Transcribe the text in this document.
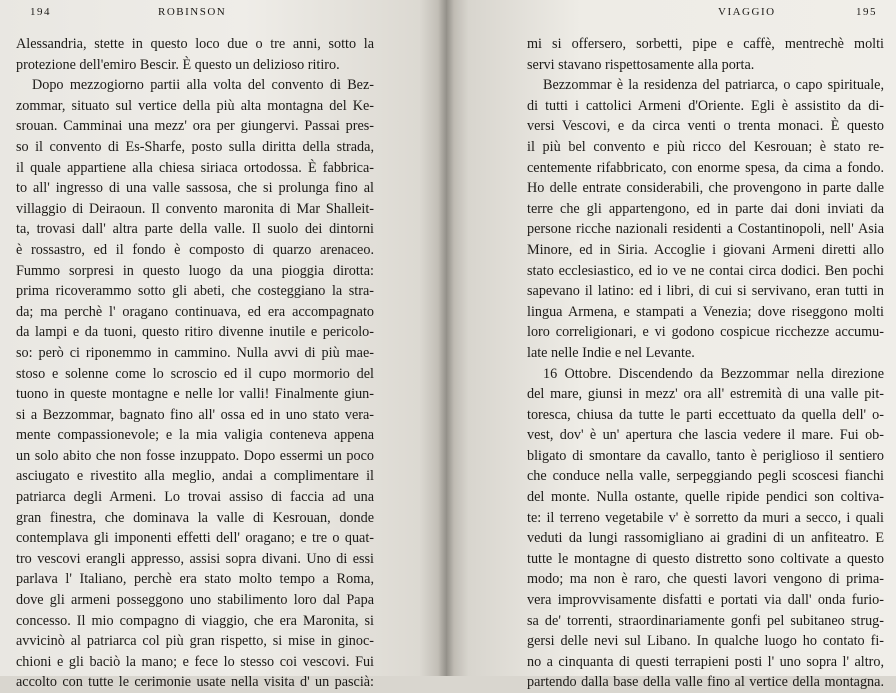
194	ROBINSON
Alessandria, stette in questo loco due o tre anni, sotto la
protezione dell'emiro Bescir. È questo un delizioso ritiro.
Dopo mezzogiorno partii alla volta del convento di Bez-
zommar, situato sul vertice della più alta montagna del Ke-
srouan. Camminai una mezz' ora per giungervi. Passai pres-
so il convento di Es-Sharfe, posto sulla diritta della strada,
il quale appartiene alla chiesa siriaca ortodossa. È fabbrica-
to all' ingresso di una valle sassosa, che si prolunga fino al
villaggio di Deiraoun. Il convento maronita di Mar Shalleit-
ta, trovasi dall' altra parte della valle. Il suolo dei dintorni
è rossastro, ed il fondo è composto di quarzo arenaceo.
Fummo sorpresi in questo luogo da una pioggia dirotta:
prima ricoverammo sotto gli abeti, che costeggiano la stra-
da; ma perchè l' oragano continuava, ed era accompagnato
da lampi e da tuoni, questo ritiro divenne inutile e pericolo-
so: però ci riponemmo in cammino. Nulla avvi di più mae-
stoso e solenne come lo scroscio ed il cupo mormorio del
tuono in queste montagne e nelle lor valli! Finalmente giun-
si a Bezzommar, bagnato fino all' ossa ed in uno stato vera-
mente compassionevole; e la mia valigia conteneva appena
un solo abito che non fosse inzuppato. Dopo essermi un poco
asciugato e rivestito alla meglio, andai a complimentare il
patriarca degli Armeni. Lo trovai assiso di faccia ad una
gran finestra, che dominava la valle di Kesrouan, donde
contemplava gli imponenti effetti dell' oragano; e tre o quat-
tro vescovi erangli appresso, assisi sopra divani. Uno di essi
parlava l' Italiano, perchè era stato molto tempo a Roma,
dove gli armeni posseggono uno stabilimento loro dal Papa
concesso. Il mio compagno di viaggio, che era Maronita, si
avvicinò al patriarca col più gran rispetto, si mise in ginoc-
chioni e gli baciò la mano; e fece lo stesso coi vescovi. Fui
accolto con tutte le cerimonie usate nella visita d' un pascià:
VIAGGIO	195
mi si offersero, sorbetti, pipe e caffè, mentrechè molti
servi stavano rispettosamente alla porta.
Bezzommar è la residenza del patriarca, o capo spirituale,
di tutti i cattolici Armeni d'Oriente. Egli è assistito da di-
versi Vescovi, e da circa venti o trenta monaci. È questo
il più bel convento e più ricco del Kesrouan; è stato re-
centemente rifabbricato, con enorme spesa, da cima a fondo.
Ho delle entrate considerabili, che provengono in parte dalle
terre che gli appartengono, ed in parte dai doni inviati da
persone ricche nazionali residenti a Costantinopoli, nell' Asia
Minore, ed in Siria. Accoglie i giovani Armeni diretti allo
stato ecclesiastico, ed io ve ne contai circa dodici. Ben pochi
sapevano il latino: ed i libri, di cui si servivano, eran tutti in
lingua Armena, e stampati a Venezia; dove riseggono molti
loro correligionari, e vi godono cospicue ricchezze accumu-
late nelle Indie e nel Levante.
16 Ottobre. Discendendo da Bezzommar nella direzione
del mare, giunsi in mezz' ora all' estremità di una valle pit-
toresca, chiusa da tutte le parti eccettuato da quella dell' o-
vest, dov' è un' apertura che lascia vedere il mare. Fui ob-
bligato di smontare da cavallo, tanto è periglioso il sentiero
che conduce nella valle, serpeggiando pegli scoscesi fianchi
del monte. Nulla ostante, quelle ripide pendici son coltiva-
te: il terreno vegetabile v' è sorretto da muri a secco, i quali
veduti da lungi rassomigliano ai gradini di un anfiteatro. E
tutte le montagne di questo distretto sono coltivate a questo
modo; ma non è raro, che questi lavori vengono di prima-
vera improvvisamente disfatti e portati via dall' onda furio-
sa de' torrenti, straordinariamente gonfi pel subitaneo strug-
gersi delle nevi sul Libano. In qualche luogo ho contato fi-
no a cinquanta di questi terrapieni posti l' uno sopra l' altro,
partendo dalla base della valle fino al vertice della montagna.
